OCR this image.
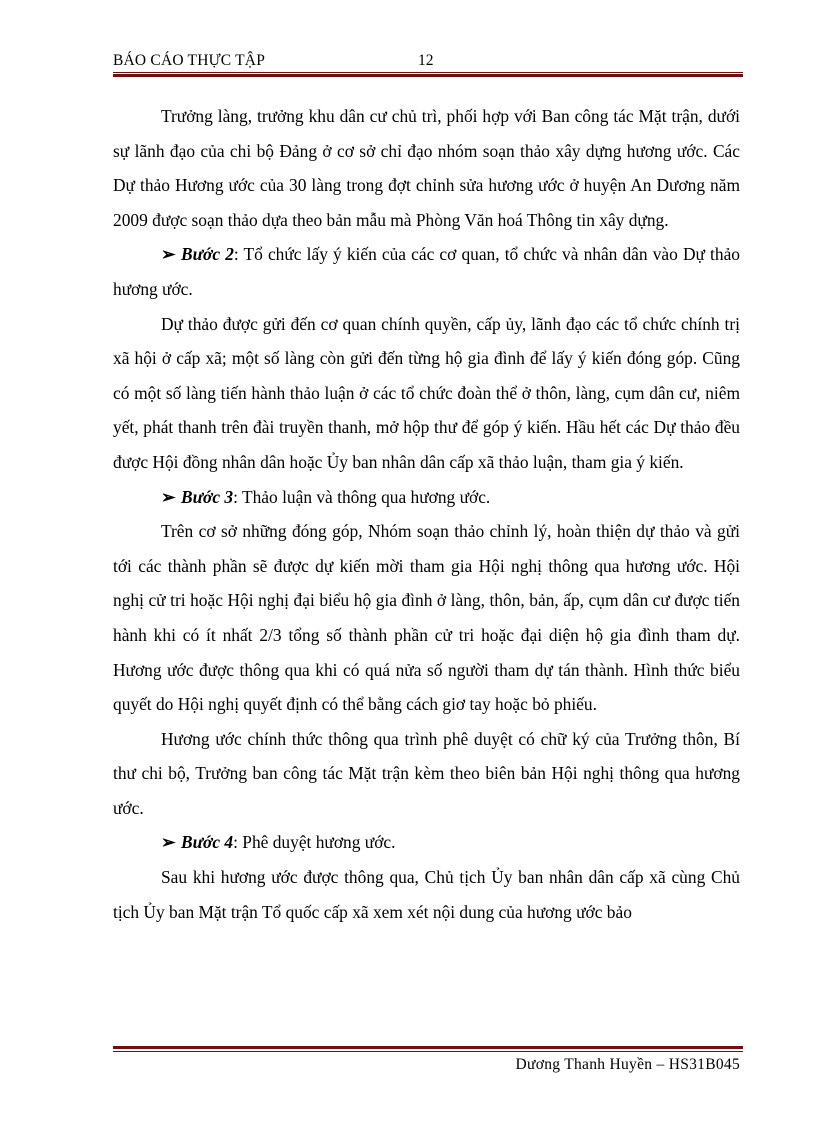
BÁO CÁO THỰC TẬP	12

Trưởng làng, trưởng khu dân cư chủ trì, phối hợp với Ban công tác Mặt trận, dưới sự lãnh đạo của chi bộ Đảng ở cơ sở chỉ đạo nhóm soạn thảo xây dựng hương ước. Các Dự thảo Hương ước của 30 làng trong đợt chỉnh sửa hương ước ở huyện An Dương năm 2009 được soạn thảo dựa theo bản mẫu mà Phòng Văn hoá Thông tin xây dựng.

➢ Bước 2: Tổ chức lấy ý kiến của các cơ quan, tổ chức và nhân dân vào Dự thảo hương ước.

Dự thảo được gửi đến cơ quan chính quyền, cấp ủy, lãnh đạo các tổ chức chính trị xã hội ở cấp xã; một số làng còn gửi đến từng hộ gia đình để lấy ý kiến đóng góp. Cũng có một số làng tiến hành thảo luận ở các tổ chức đoàn thể ở thôn, làng, cụm dân cư, niêm yết, phát thanh trên đài truyền thanh, mở hộp thư để góp ý kiến. Hầu hết các Dự thảo đều được Hội đồng nhân dân hoặc Ủy ban nhân dân cấp xã thảo luận, tham gia ý kiến.

➢ Bước 3: Thảo luận và thông qua hương ước.

Trên cơ sở những đóng góp, Nhóm soạn thảo chỉnh lý, hoàn thiện dự thảo và gửi tới các thành phần sẽ được dự kiến mời tham gia Hội nghị thông qua hương ước. Hội nghị cử tri hoặc Hội nghị đại biểu hộ gia đình ở làng, thôn, bản, ấp, cụm dân cư được tiến hành khi có ít nhất 2/3 tổng số thành phần cử tri hoặc đại diện hộ gia đình tham dự. Hương ước được thông qua khi có quá nửa số người tham dự tán thành. Hình thức biểu quyết do Hội nghị quyết định có thể bằng cách giơ tay hoặc bỏ phiếu.

Hương ước chính thức thông qua trình phê duyệt có chữ ký của Trưởng thôn, Bí thư chi bộ, Trưởng ban công tác Mặt trận kèm theo biên bản Hội nghị thông qua hương ước.

➢ Bước 4: Phê duyệt hương ước.

Sau khi hương ước được thông qua, Chủ tịch Ủy ban nhân dân cấp xã cùng Chủ tịch Ủy ban Mặt trận Tổ quốc cấp xã xem xét nội dung của hương ước bảo

Dương Thanh Huyền – HS31B045
